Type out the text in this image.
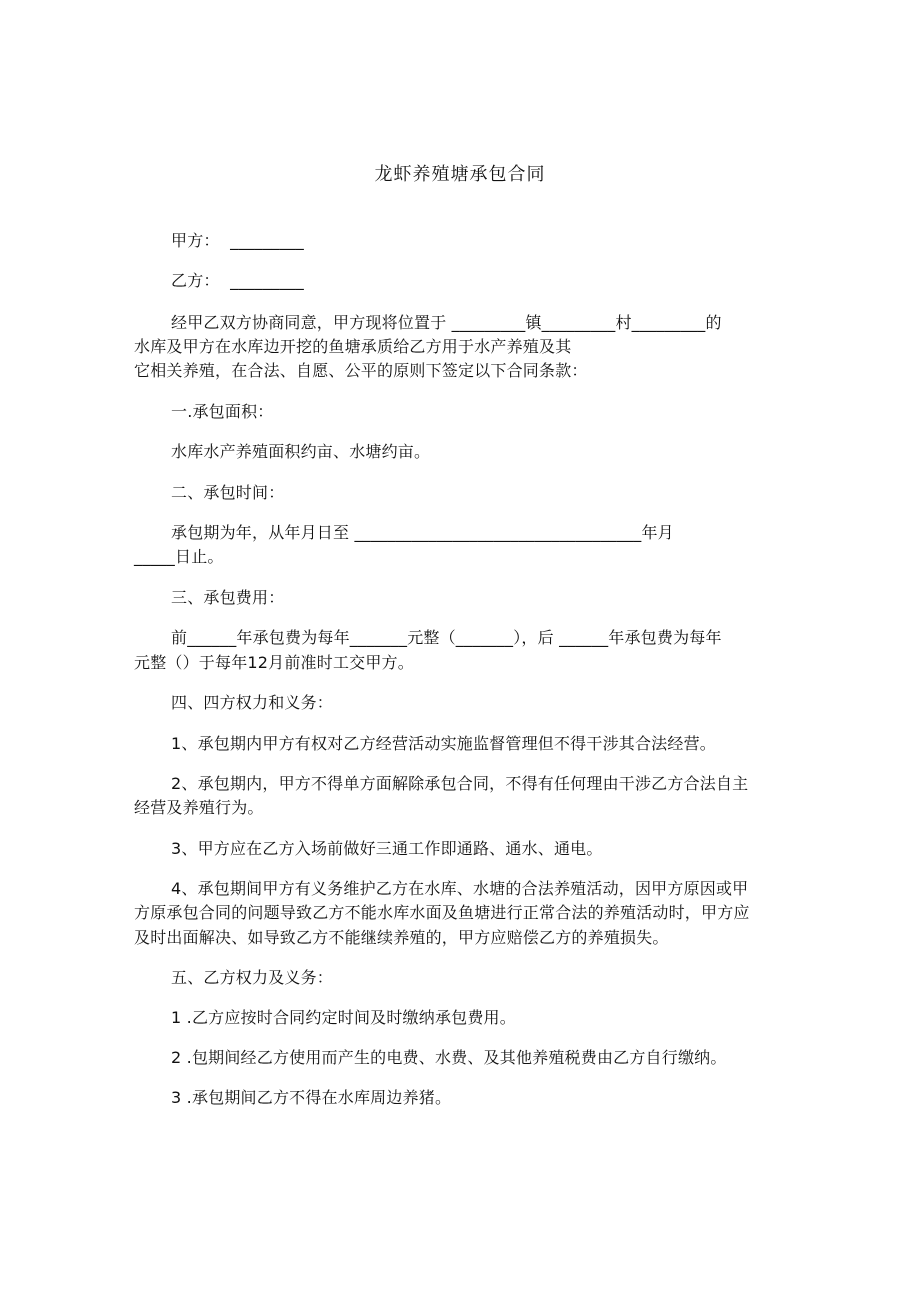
龙虾养殖塘承包合同
甲方：  _________
乙方：  _________
经甲乙双方协商同意，甲方现将位置于 _________镇_________村_________的
水库及甲方在水库边开挖的鱼塘承质给乙方用于水产养殖及其
它相关养殖，在合法、自愿、公平的原则下签定以下合同条款：
一.承包面积：
水库水产养殖面积约亩、水塘约亩。
二、承包时间：
承包期为年，从年月日至 ___________________________________年月
_____日止。
三、承包费用：
前______年承包费为每年_______元整（_______），后 ______年承包费为每年
元整（）于每年12月前准时工交甲方。
四、四方权力和义务：
1、承包期内甲方有权对乙方经营活动实施监督管理但不得干涉其合法经营。
2、承包期内，甲方不得单方面解除承包合同，不得有任何理由干涉乙方合法自主
经营及养殖行为。
3、甲方应在乙方入场前做好三通工作即通路、通水、通电。
4、承包期间甲方有义务维护乙方在水库、水塘的合法养殖活动，因甲方原因或甲
方原承包合同的问题导致乙方不能水库水面及鱼塘进行正常合法的养殖活动时，甲方应
及时出面解决、如导致乙方不能继续养殖的，甲方应赔偿乙方的养殖损失。
五、乙方权力及义务：
1 .乙方应按时合同约定时间及时缴纳承包费用。
2 .包期间经乙方使用而产生的电费、水费、及其他养殖税费由乙方自行缴纳。
3 .承包期间乙方不得在水库周边养猪。
